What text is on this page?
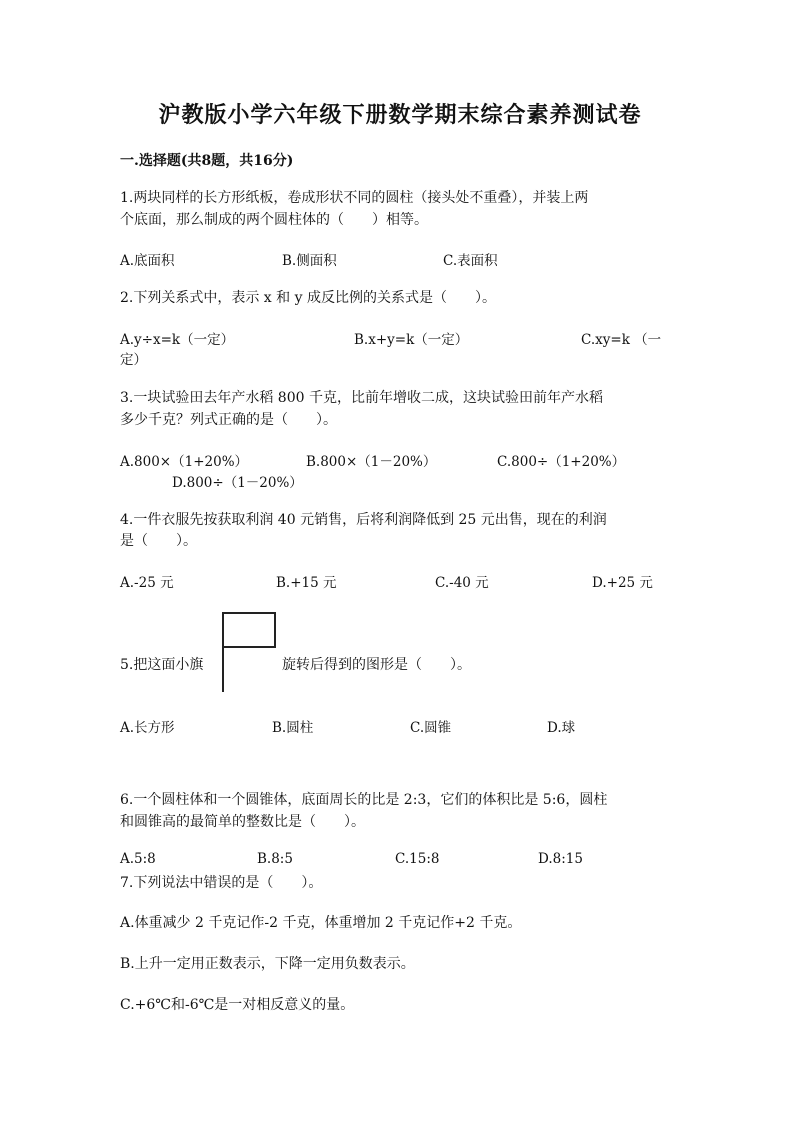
沪教版小学六年级下册数学期末综合素养测试卷
一.选择题(共8题，共16分)
1.两块同样的长方形纸板，卷成形状不同的圆柱（接头处不重叠），并装上两
个底面，那么制成的两个圆柱体的（　　）相等。
A.底面积	B.侧面积	C.表面积
2.下列关系式中，表示 x 和 y 成反比例的关系式是（　　）。
A.y÷x=k（一定）	B.x+y=k（一定）	C.xy=k （一
定）
3.一块试验田去年产水稻 800 千克，比前年增收二成，这块试验田前年产水稻
多少千克？列式正确的是（　　）。
A.800×（1+20%）	B.800×（1－20%）	C.800÷（1+20%）
D.800÷（1－20%）
4.一件衣服先按获取利润 40 元销售，后将利润降低到 25 元出售，现在的利润
是（　　）。
A.-25 元	B.+15 元	C.-40 元	D.+25 元
5.把这面小旗	旋转后得到的图形是（　　）。
A.长方形	B.圆柱	C.圆锥	D.球
6.一个圆柱体和一个圆锥体，底面周长的比是 2:3，它们的体积比是 5:6，圆柱
和圆锥高的最简单的整数比是（　　）。
A.5:8	B.8:5	C.15:8	D.8:15
7.下列说法中错误的是（　　）。
A.体重减少 2 千克记作-2 千克，体重增加 2 千克记作+2 千克。
B.上升一定用正数表示，下降一定用负数表示。
C.+6℃和-6℃是一对相反意义的量。
